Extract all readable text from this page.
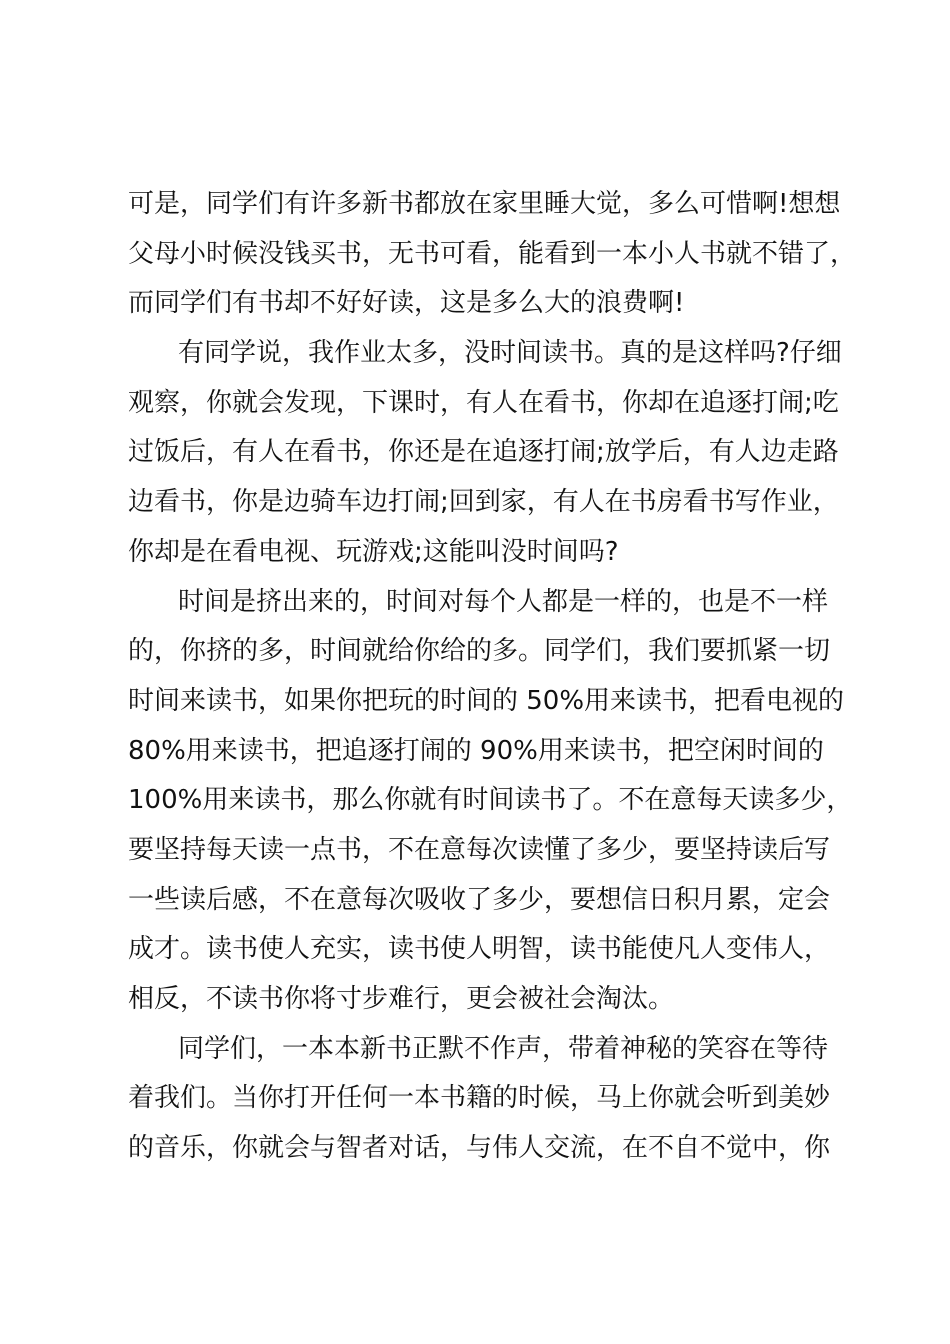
可是，同学们有许多新书都放在家里睡大觉，多么可惜啊!想想
父母小时候没钱买书，无书可看，能看到一本小人书就不错了，
而同学们有书却不好好读，这是多么大的浪费啊!
有同学说，我作业太多，没时间读书。真的是这样吗?仔细
观察，你就会发现，下课时，有人在看书，你却在追逐打闹;吃
过饭后，有人在看书，你还是在追逐打闹;放学后，有人边走路
边看书，你是边骑车边打闹;回到家，有人在书房看书写作业，
你却是在看电视、玩游戏;这能叫没时间吗?
时间是挤出来的，时间对每个人都是一样的，也是不一样
的，你挤的多，时间就给你给的多。同学们，我们要抓紧一切
时间来读书，如果你把玩的时间的 50%用来读书，把看电视的
80%用来读书，把追逐打闹的 90%用来读书，把空闲时间的
100%用来读书，那么你就有时间读书了。不在意每天读多少，
要坚持每天读一点书，不在意每次读懂了多少，要坚持读后写
一些读后感，不在意每次吸收了多少，要想信日积月累，定会
成才。读书使人充实，读书使人明智，读书能使凡人变伟人，
相反，不读书你将寸步难行，更会被社会淘汰。
同学们，一本本新书正默不作声，带着神秘的笑容在等待
着我们。当你打开任何一本书籍的时候，马上你就会听到美妙
的音乐，你就会与智者对话，与伟人交流，在不自不觉中，你
